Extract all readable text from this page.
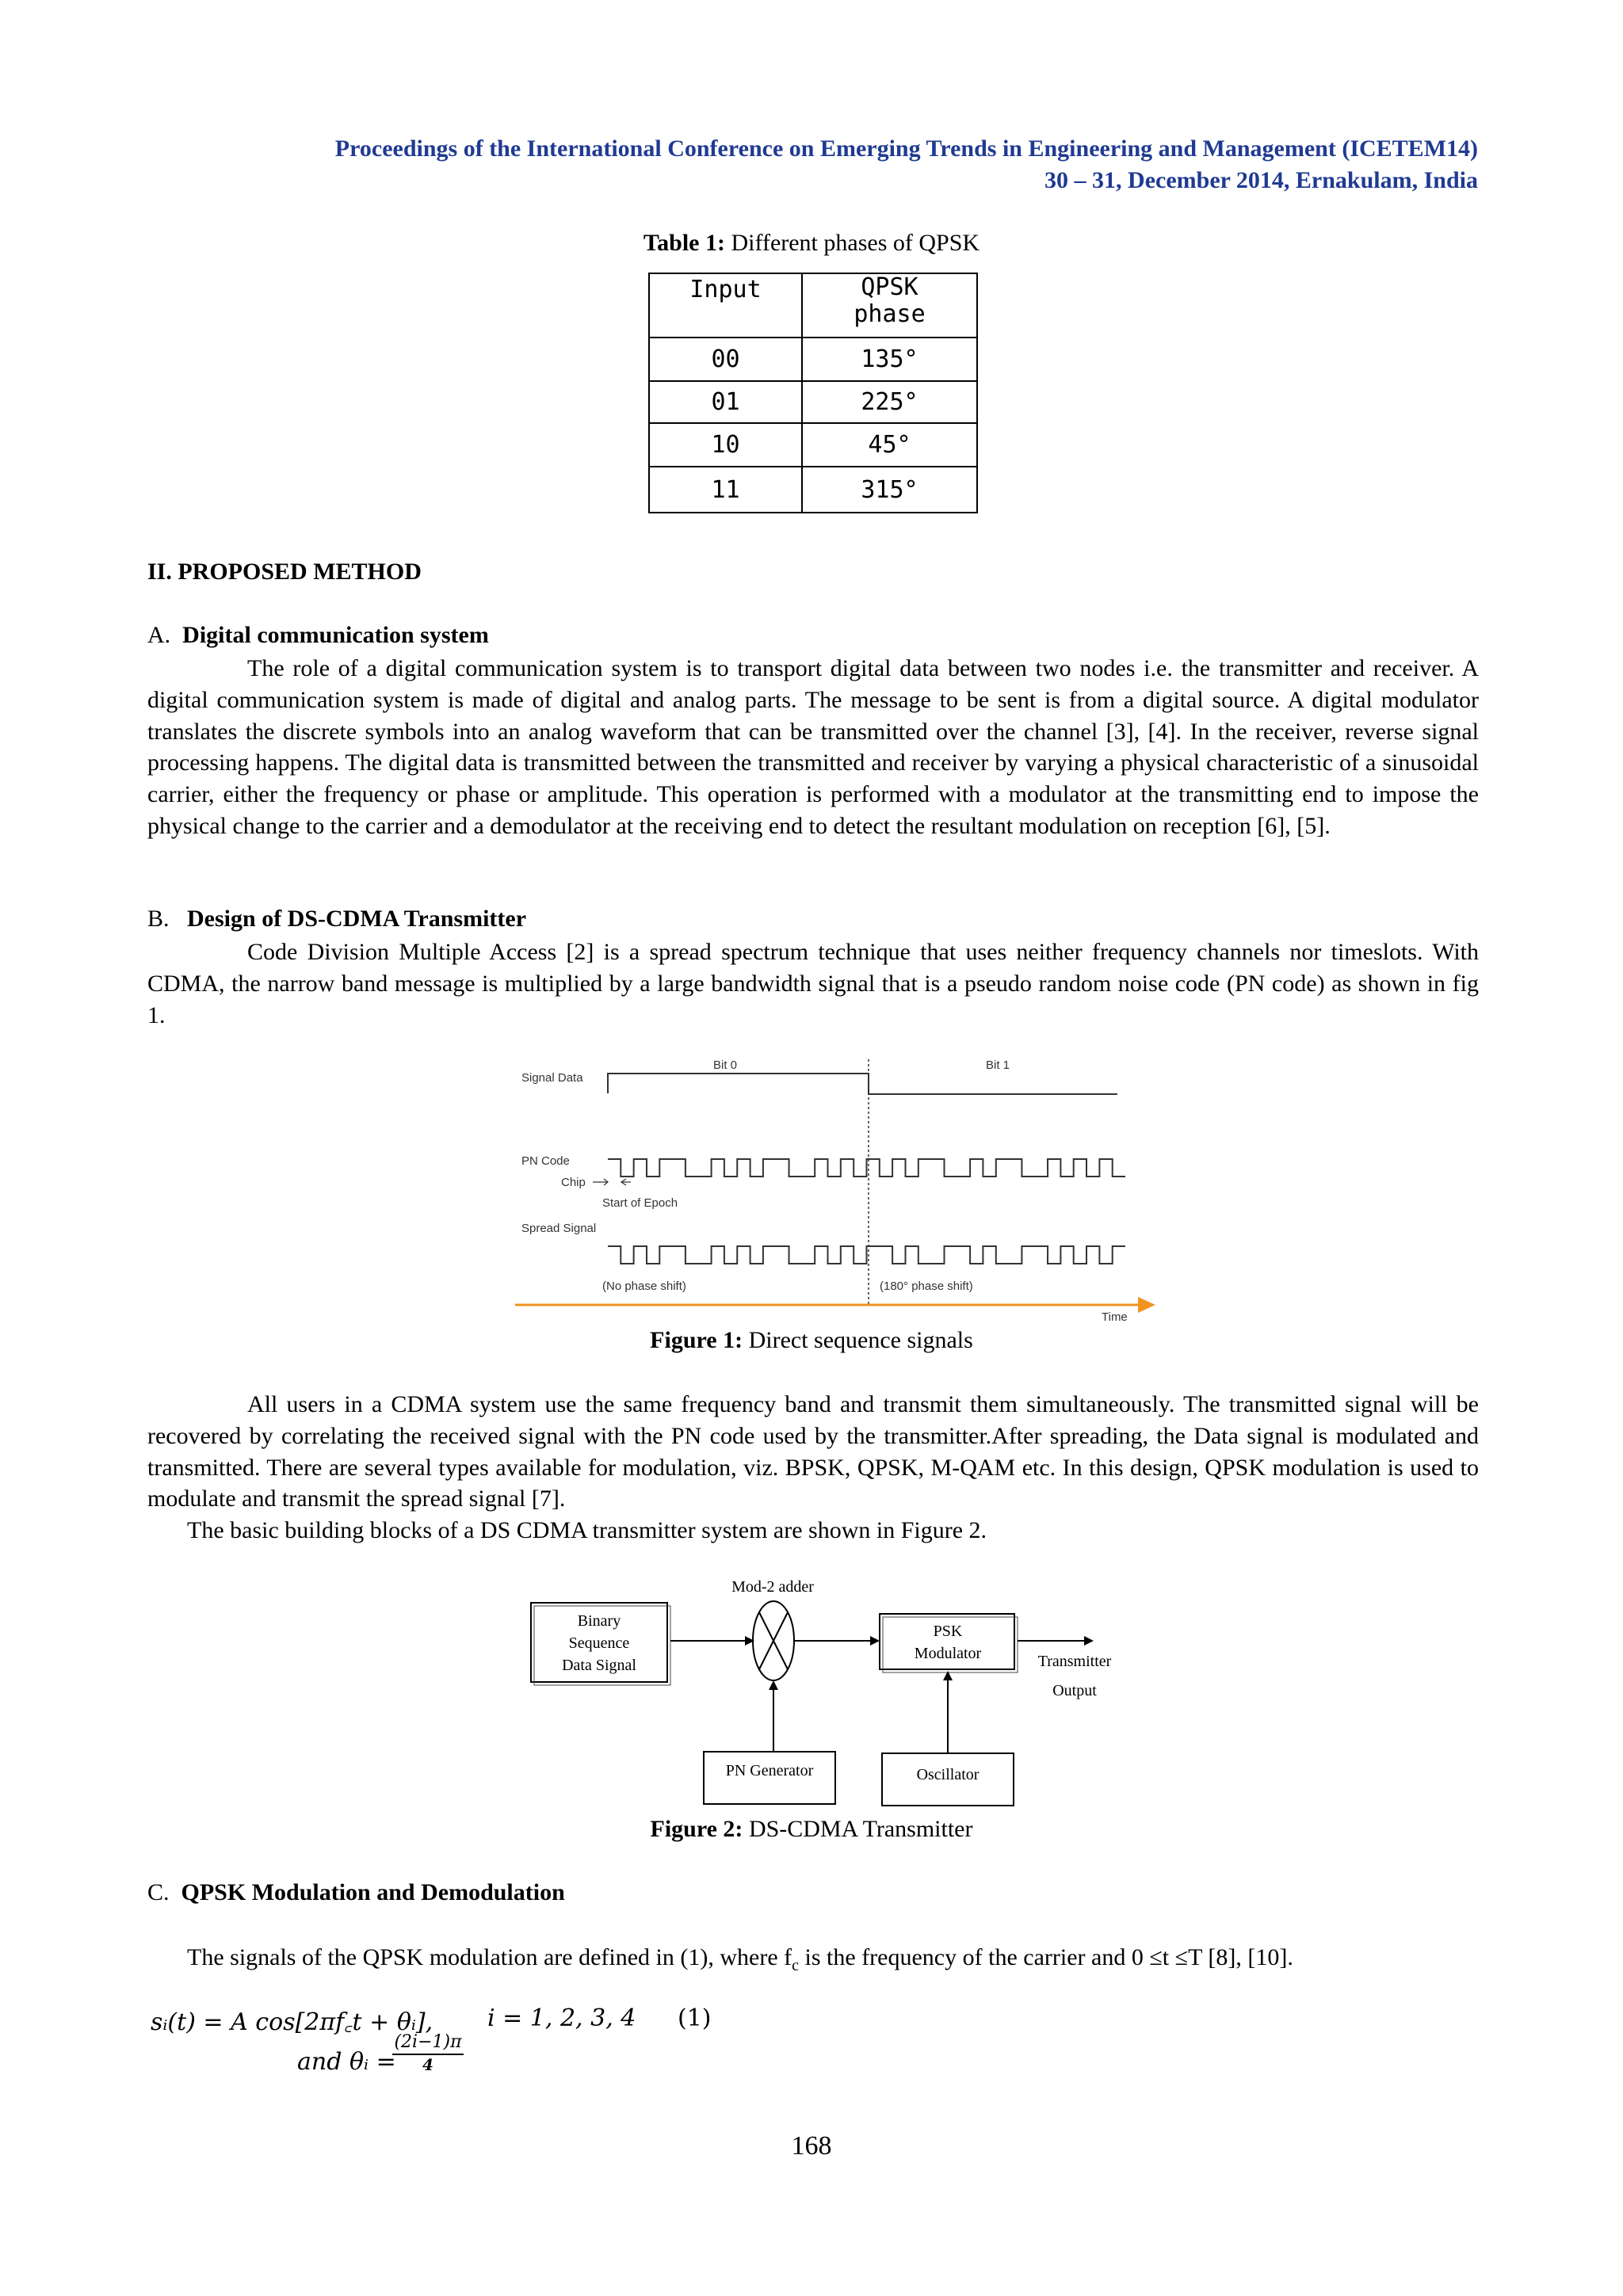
Proceedings of the International Conference on Emerging Trends in Engineering and Management (ICETEM14)
30 – 31, December 2014, Ernakulam, India
Table 1: Different phases of QPSK
Input	QPSK
phase

00	135°
01	225°
10	45°
11	315°
II. PROPOSED METHOD
A. Digital communication system
The role of a digital communication system is to transport digital data between two nodes i.e. the transmitter and receiver. A digital communication system is made of digital and analog parts. The message to be sent is from a digital source. A digital modulator translates the discrete symbols into an analog waveform that can be transmitted over the channel [3], [4]. In the receiver, reverse signal processing happens. The digital data is transmitted between the transmitted and receiver by varying a physical characteristic of a sinusoidal carrier, either the frequency or phase or amplitude. This operation is performed with a modulator at the transmitting end to impose the physical change to the carrier and a demodulator at the receiving end to detect the resultant modulation on reception [6], [5].
B. Design of DS-CDMA Transmitter
Code Division Multiple Access [2] is a spread spectrum technique that uses neither frequency channels nor timeslots. With CDMA, the narrow band message is multiplied by a large bandwidth signal that is a pseudo random noise code (PN code) as shown in fig 1.
Bit 0	Bit 1
Signal Data
PN Code
Chip
Start of Epoch
Spread Signal
(No phase shift)	(180° phase shift)
Time
Figure 1: Direct sequence signals
All users in a CDMA system use the same frequency band and transmit them simultaneously. The transmitted signal will be recovered by correlating the received signal with the PN code used by the transmitter.After spreading, the Data signal is modulated and transmitted. There are several types available for modulation, viz. BPSK, QPSK, M-QAM etc. In this design, QPSK modulation is used to modulate and transmit the spread signal [7].
The basic building blocks of a DS CDMA transmitter system are shown in Figure 2.
Binary
Sequence
Data Signal
Mod-2 adder
PSK
Modulator	Transmitter
Output
PN Generator	Oscillator
Figure 2: DS-CDMA Transmitter
C. QPSK Modulation and Demodulation
The signals of the QPSK modulation are defined in (1), where $f_c$ is the frequency of the carrier and 0 ≤t ≤T [8], [10].
sᵢ(t) = A cos[2πf꜀t + θᵢ], i = 1, 2, 3, 4 (1)
and θᵢ =
$\frac{(2i-1)\pi}{4}$
168
